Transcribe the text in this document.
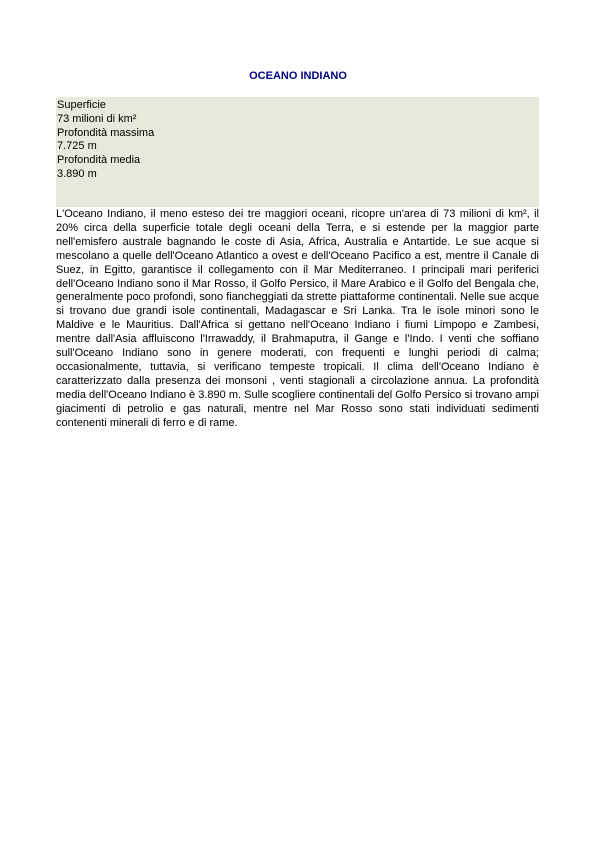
OCEANO INDIANO
Superficie
73 milioni di km²
Profondità massima
7.725 m
Profondità media
3.890 m

L'Oceano Indiano, il meno esteso dei tre maggiori oceani, ricopre un'area di 73 milioni di km², il 20% circa della superficie totale degli oceani della Terra, e si estende per la maggior parte nell'emisfero australe bagnando le coste di Asia, Africa, Australia e Antartide. Le sue acque si mescolano a quelle dell'Oceano Atlantico a ovest e dell'Oceano Pacifico a est, mentre il Canale di Suez, in Egitto, garantisce il collegamento con il Mar Mediterraneo. I principali mari periferici dell'Oceano Indiano sono il Mar Rosso, il Golfo Persico, il Mare Arabico e il Golfo del Bengala che, generalmente poco profondi, sono fiancheggiati da strette piattaforme continentali. Nelle sue acque si trovano due grandi isole continentali, Madagascar e Sri Lanka. Tra le isole minori sono le Maldive e le Mauritius. Dall'Africa si gettano nell'Oceano Indiano i fiumi Limpopo e Zambesi, mentre dall'Asia affluiscono l'Irrawaddy, il Brahmaputra, il Gange e l'Indo. I venti che soffiano sull'Oceano Indiano sono in genere moderati, con frequenti e lunghi periodi di calma; occasionalmente, tuttavia, si verificano tempeste tropicali. Il clima dell'Oceano Indiano è caratterizzato dalla presenza dei monsoni , venti stagionali a circolazione annua. La profondità media dell'Oceano Indiano è 3.890 m. Sulle scogliere continentali del Golfo Persico si trovano ampi giacimenti di petrolio e gas naturali, mentre nel Mar Rosso sono stati individuati sedimenti contenenti minerali di ferro e di rame.
